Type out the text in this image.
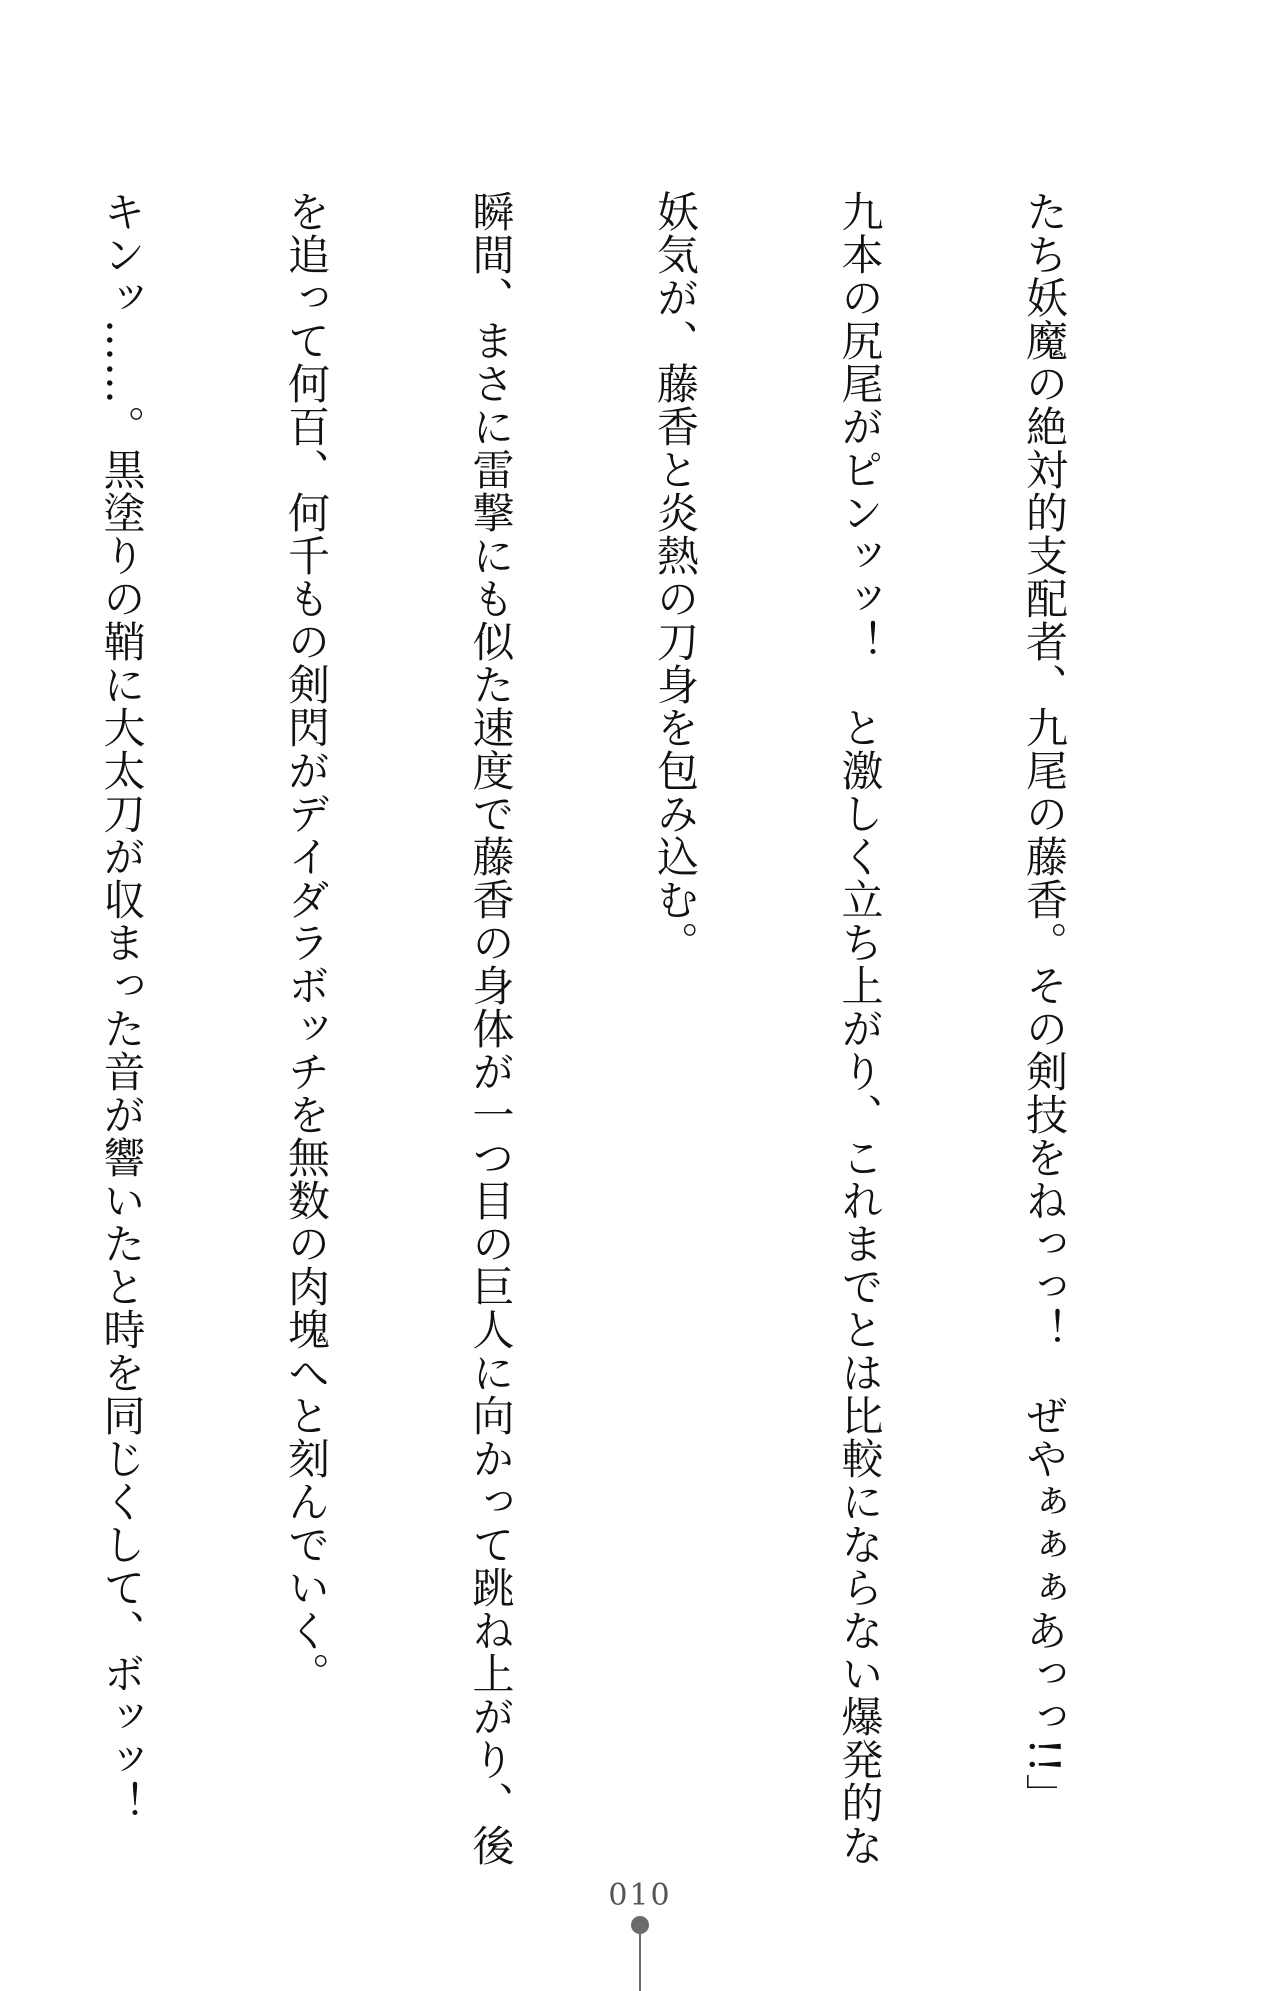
たち妖魔の絶対的支配者、九尾の藤香。その剣技をねっっ！　ぜやぁぁぁあっっ!!」

九本の尻尾がピンッッ！　と激しく立ち上がり、これまでとは比較にならない爆発的な

妖気が、藤香と炎熱の刀身を包み込む。

瞬間、まさに雷撃にも似た速度で藤香の身体が一つ目の巨人に向かって跳ね上がり、後

を追って何百、何千もの剣閃がデイダラボッチを無数の肉塊へと刻んでいく。

キンッ……。黒塗りの鞘に大太刀が収まった音が響いたと時を同じくして、ボッッ！

010
